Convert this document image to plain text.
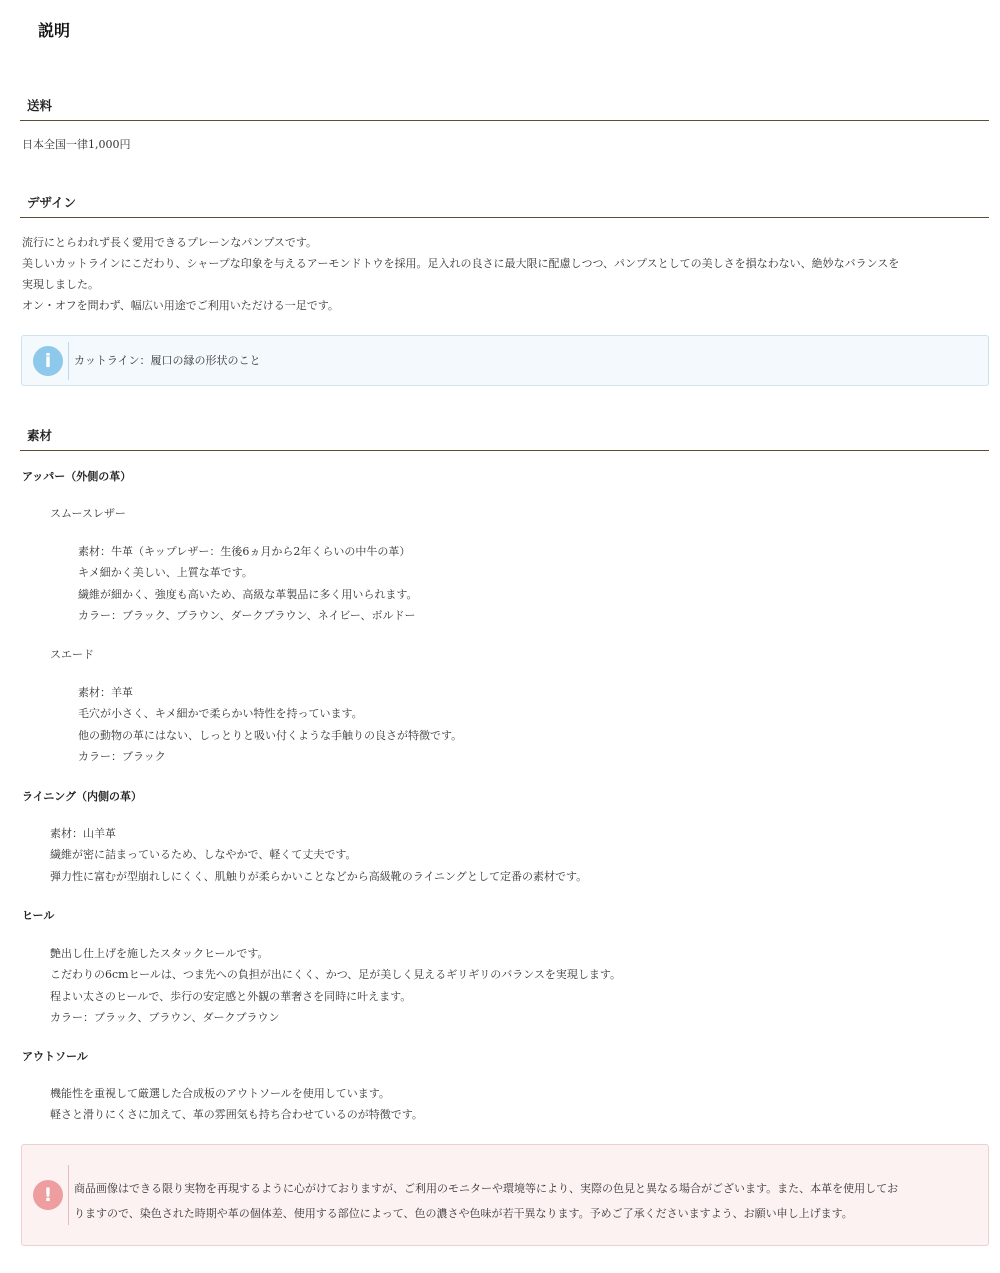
説明
送料

日本全国一律1,000円

デザイン

流行にとらわれず長く愛用できるプレーンなパンプスです。
美しいカットラインにこだわり、シャープな印象を与えるアーモンドトウを採用。足入れの良さに最大限に配慮しつつ、パンプスとしての美しさを損なわない、絶妙なバランスを
実現しました。
オン・オフを問わず、幅広い用途でご利用いただける一足です。

i	カットライン：履口の縁の形状のこと
素材
アッパー（外側の革）
スムースレザー
素材：牛革（キップレザー：生後6ヵ月から2年くらいの中牛の革）
キメ細かく美しい、上質な革です。
繊維が細かく、強度も高いため、高級な革製品に多く用いられます。
カラー：ブラック、ブラウン、ダークブラウン、ネイビー、ボルドー
スエード
素材：羊革
毛穴が小さく、キメ細かで柔らかい特性を持っています。
他の動物の革にはない、しっとりと吸い付くような手触りの良さが特徴です。
カラー：ブラック
ライニング（内側の革）
素材：山羊革
繊維が密に詰まっているため、しなやかで、軽くて丈夫です。
弾力性に富むが型崩れしにくく、肌触りが柔らかいことなどから高級靴のライニングとして定番の素材です。
ヒール
艶出し仕上げを施したスタックヒールです。
こだわりの6cmヒールは、つま先への負担が出にくく、かつ、足が美しく見えるギリギリのバランスを実現します。
程よい太さのヒールで、歩行の安定感と外観の華奢さを同時に叶えます。
カラー：ブラック、ブラウン、ダークブラウン
アウトソール
機能性を重視して厳選した合成板のアウトソールを使用しています。
軽さと滑りにくさに加えて、革の雰囲気も持ち合わせているのが特徴です。
!	商品画像はできる限り実物を再現するように心がけておりますが、ご利用のモニターや環境等により、実際の色見と異なる場合がございます。また、本革を使用してお
りますので、染色された時期や革の個体差、使用する部位によって、色の濃さや色味が若干異なります。予めご了承くださいますよう、お願い申し上げます。
